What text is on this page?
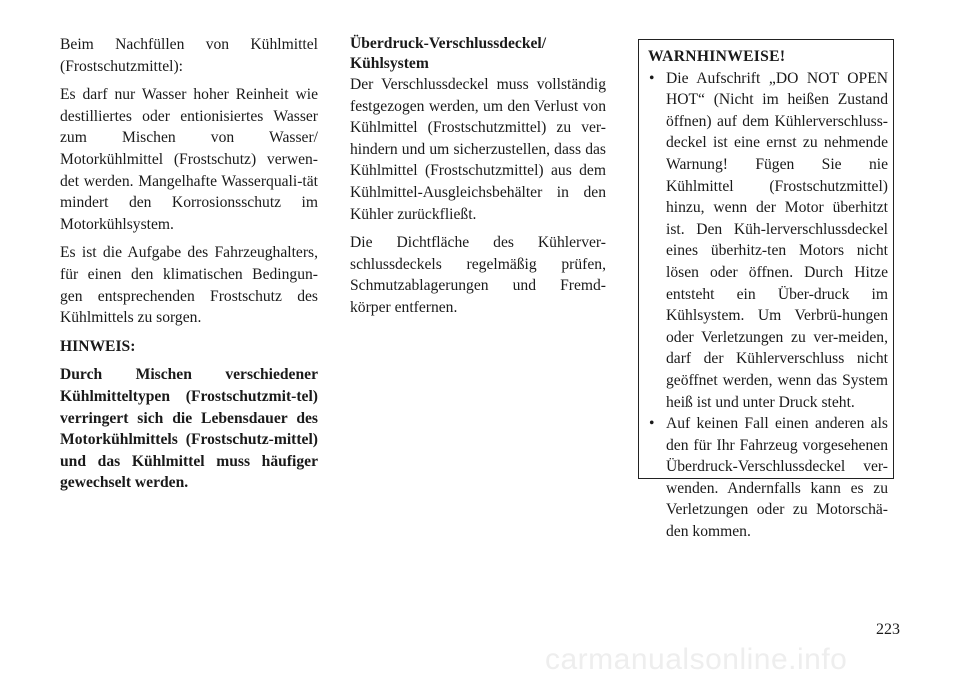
Beim Nachfüllen von Kühlmittel (Frostschutzmittel):

Es darf nur Wasser hoher Reinheit wie destilliertes oder entionisiertes Wasser zum Mischen von Wasser/ Motorkühlmittel (Frostschutz) verwen-det werden. Mangelhafte Wasserquali-tät mindert den Korrosionsschutz im Motorkühlsystem.

Es ist die Aufgabe des Fahrzeughalters, für einen den klimatischen Bedingun-gen entsprechenden Frostschutz des Kühlmittels zu sorgen.

HINWEIS:

Durch Mischen verschiedener Kühlmitteltypen (Frostschutzmit-tel) verringert sich die Lebensdauer des Motorkühlmittels (Frostschutz-mittel) und das Kühlmittel muss häufiger gewechselt werden.

Überdruck-Verschlussdeckel/
Kühlsystem

Der Verschlussdeckel muss vollständig festgezogen werden, um den Verlust von Kühlmittel (Frostschutzmittel) zu ver-hindern und um sicherzustellen, dass das Kühlmittel (Frostschutzmittel) aus dem Kühlmittel-Ausgleichsbehälter in den Kühler zurückfließt.

Die Dichtfläche des Kühlerver-schlussdeckels regelmäßig prüfen, Schmutzablagerungen und Fremd-körper entfernen.

WARNHINWEISE!

• Die Aufschrift „DO NOT OPEN HOT“ (Nicht im heißen Zustand öffnen) auf dem Kühlerverschluss-deckel ist eine ernst zu nehmende Warnung! Fügen Sie nie Kühlmittel (Frostschutzmittel) hinzu, wenn der Motor überhitzt ist. Den Küh-lerverschlussdeckel eines überhitz-ten Motors nicht lösen oder öffnen. Durch Hitze entsteht ein Über-druck im Kühlsystem. Um Verbrü-hungen oder Verletzungen zu ver-meiden, darf der Kühlerverschluss nicht geöffnet werden, wenn das System heiß ist und unter Druck steht.
• Auf keinen Fall einen anderen als den für Ihr Fahrzeug vorgesehenen Überdruck-Verschlussdeckel ver-wenden. Andernfalls kann es zu Verletzungen oder zu Motorschä-den kommen.
223
carmanualsonline.info
